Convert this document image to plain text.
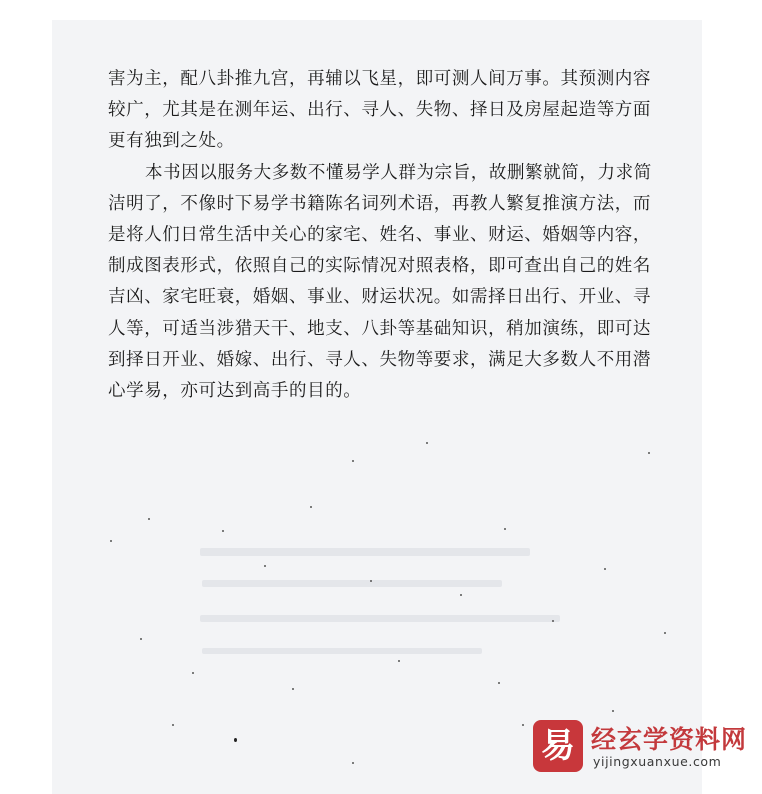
害为主，配八卦推九宫，再辅以飞星，即可测人间万事。其预测内容
较广，尤其是在测年运、出行、寻人、失物、择日及房屋起造等方面
更有独到之处。
本书因以服务大多数不懂易学人群为宗旨，故删繁就简，力求简
洁明了，不像时下易学书籍陈名词列术语，再教人繁复推演方法，而
是将人们日常生活中关心的家宅、姓名、事业、财运、婚姻等内容，
制成图表形式，依照自己的实际情况对照表格，即可查出自己的姓名
吉凶、家宅旺衰，婚姻、事业、财运状况。如需择日出行、开业、寻
人等，可适当涉猎天干、地支、八卦等基础知识，稍加演练，即可达
到择日开业、婚嫁、出行、寻人、失物等要求，满足大多数人不用潜
心学易，亦可达到高手的目的。
易 经玄学资料网
yijingxuanxue.com
